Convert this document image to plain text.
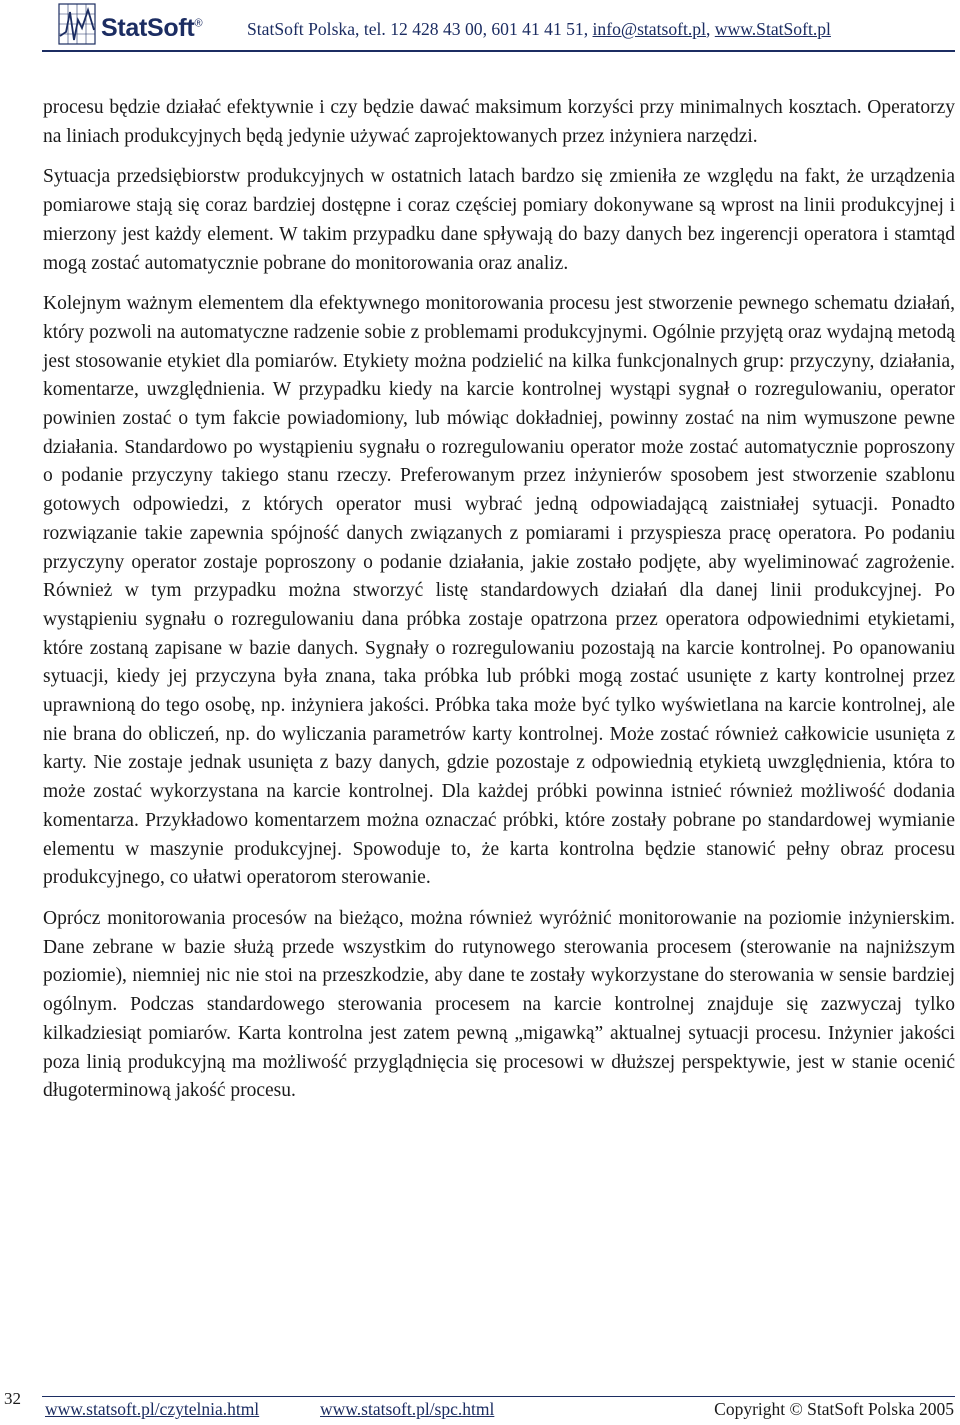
StatSoft®	StatSoft Polska, tel. 12 428 43 00, 601 41 41 51, info@statsoft.pl, www.StatSoft.pl

procesu będzie działać efektywnie i czy będzie dawać maksimum korzyści przy minimalnych kosztach. Operatorzy na liniach produkcyjnych będą jedynie używać zaprojektowanych przez inżyniera narzędzi.

Sytuacja przedsiębiorstw produkcyjnych w ostatnich latach bardzo się zmieniła ze względu na fakt, że urządzenia pomiarowe stają się coraz bardziej dostępne i coraz częściej pomiary dokonywane są wprost na linii produkcyjnej i mierzony jest każdy element. W takim przypadku dane spływają do bazy danych bez ingerencji operatora i stamtąd mogą zostać automatycznie pobrane do monitorowania oraz analiz.

Kolejnym ważnym elementem dla efektywnego monitorowania procesu jest stworzenie pewnego schematu działań, który pozwoli na automatyczne radzenie sobie z problemami produkcyjnymi. Ogólnie przyjętą oraz wydajną metodą jest stosowanie etykiet dla pomiarów. Etykiety można podzielić na kilka funkcjonalnych grup: przyczyny, działania, komentarze, uwzględnienia. W przypadku kiedy na karcie kontrolnej wystąpi sygnał o rozregulowaniu, operator powinien zostać o tym fakcie powiadomiony, lub mówiąc dokładniej, powinny zostać na nim wymuszone pewne działania. Standardowo po wystąpieniu sygnału o rozregulowaniu operator może zostać automatycznie poproszony o podanie przyczyny takiego stanu rzeczy. Preferowanym przez inżynierów sposobem jest stworzenie szablonu gotowych odpowiedzi, z których operator musi wybrać jedną odpowiadającą zaistniałej sytuacji. Ponadto rozwiązanie takie zapewnia spójność danych związanych z pomiarami i przyspiesza pracę operatora. Po podaniu przyczyny operator zostaje poproszony o podanie działania, jakie zostało podjęte, aby wyeliminować zagrożenie. Również w tym przypadku można stworzyć listę standardowych działań dla danej linii produkcyjnej. Po wystąpieniu sygnału o rozregulowaniu dana próbka zostaje opatrzona przez operatora odpowiednimi etykietami, które zostaną zapisane w bazie danych. Sygnały o rozregulowaniu pozostają na karcie kontrolnej. Po opanowaniu sytuacji, kiedy jej przyczyna była znana, taka próbka lub próbki mogą zostać usunięte z karty kontrolnej przez uprawnioną do tego osobę, np. inżyniera jakości. Próbka taka może być tylko wyświetlana na karcie kontrolnej, ale nie brana do obliczeń, np. do wyliczania parametrów karty kontrolnej. Może zostać również całkowicie usunięta z karty. Nie zostaje jednak usunięta z bazy danych, gdzie pozostaje z odpowiednią etykietą uwzględnienia, która to może zostać wykorzystana na karcie kontrolnej. Dla każdej próbki powinna istnieć również możliwość dodania komentarza. Przykładowo komentarzem można oznaczać próbki, które zostały pobrane po standardowej wymianie elementu w maszynie produkcyjnej. Spowoduje to, że karta kontrolna będzie stanowić pełny obraz procesu produkcyjnego, co ułatwi operatorom sterowanie.

Oprócz monitorowania procesów na bieżąco, można również wyróżnić monitorowanie na poziomie inżynierskim. Dane zebrane w bazie służą przede wszystkim do rutynowego sterowania procesem (sterowanie na najniższym poziomie), niemniej nic nie stoi na przeszkodzie, aby dane te zostały wykorzystane do sterowania w sensie bardziej ogólnym. Podczas standardowego sterowania procesem na karcie kontrolnej znajduje się zazwyczaj tylko kilkadziesiąt pomiarów. Karta kontrolna jest zatem pewną „migawką” aktualnej sytuacji procesu. Inżynier jakości poza linią produkcyjną ma możliwość przyglądnięcia się procesowi w dłuższej perspektywie, jest w stanie ocenić długoterminową jakość procesu.

32
www.statsoft.pl/czytelnia.html	www.statsoft.pl/spc.html	Copyright © StatSoft Polska 2005
